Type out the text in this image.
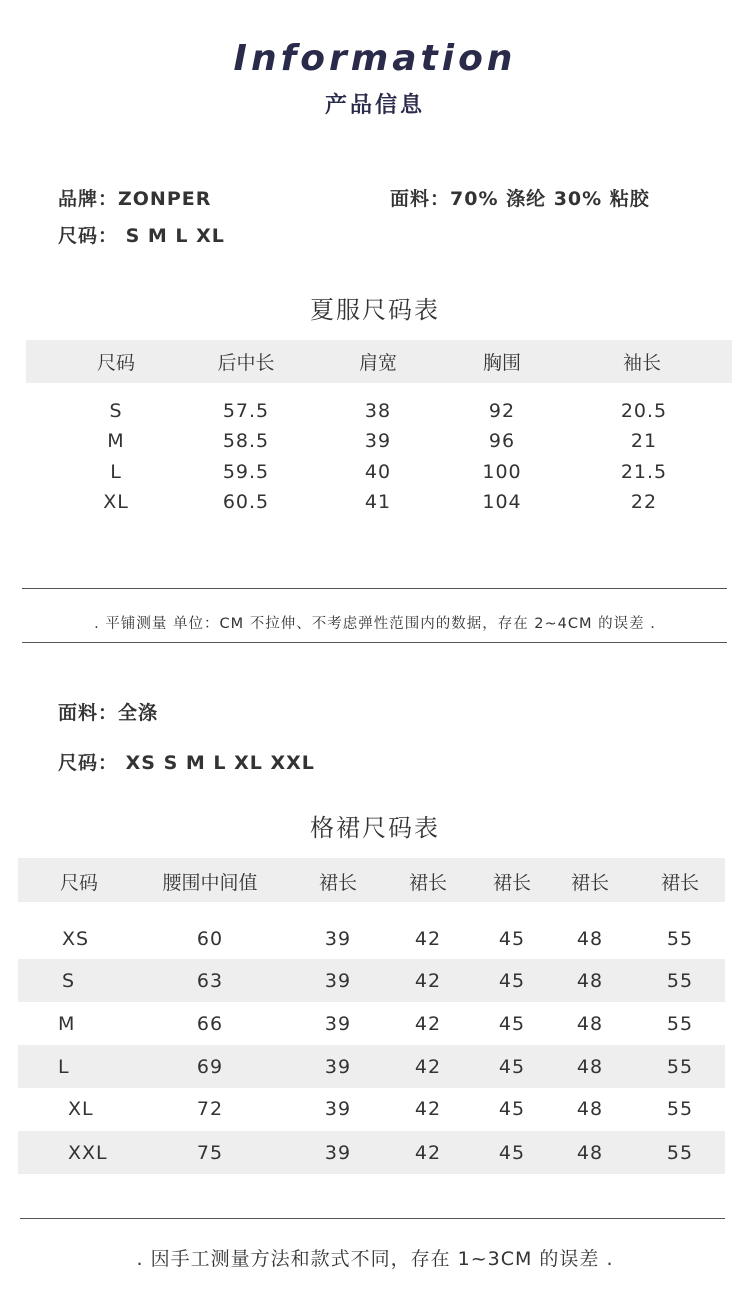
Information
产品信息
品牌：ZONPER	面料：70% 涤纶 30% 粘胶
尺码： S M L XL
夏服尺码表
尺码	后中长	肩宽	胸围	袖长
S	57.5	38	92	20.5
M	58.5	39	96	21
L	59.5	40	100	21.5
XL	60.5	41	104	22
. 平铺测量 单位：CM 不拉伸、不考虑弹性范围内的数据，存在 2~4CM 的误差 .
面料：全涤
尺码： XS S M L XL XXL
格裙尺码表
尺码	腰围中间值	裙长	裙长	裙长	裙长	裙长
XS	60	39	42	45	48	55
S	63	39	42	45	48	55
M	66	39	42	45	48	55
L	69	39	42	45	48	55
XL	72	39	42	45	48	55
XXL	75	39	42	45	48	55
. 因手工测量方法和款式不同，存在 1~3CM 的误差 .
